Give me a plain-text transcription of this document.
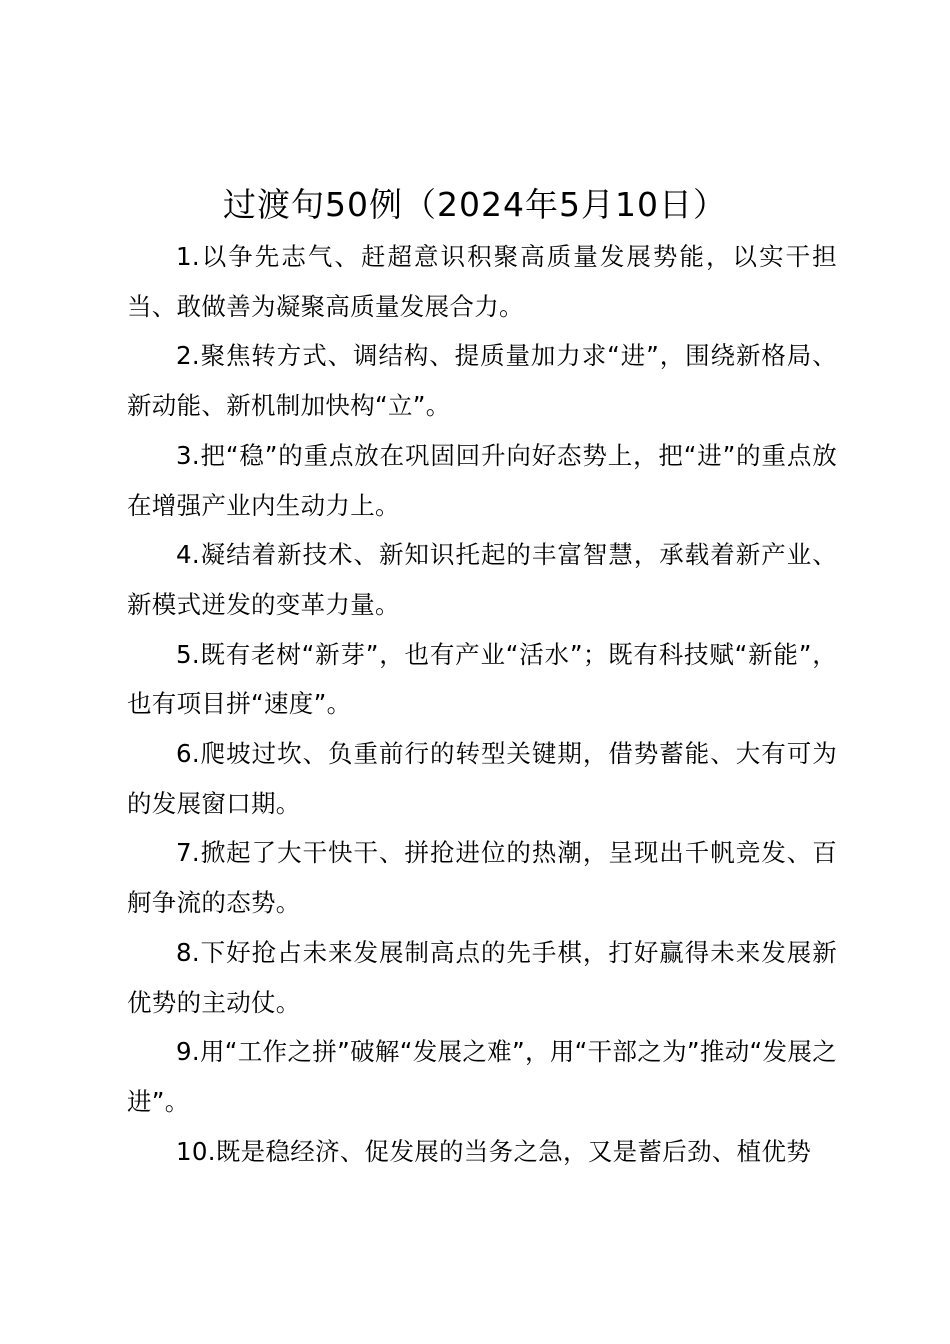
过渡句50例（2024年5月10日）

1.以争先志气、赶超意识积聚高质量发展势能，以实干担当、敢做善为凝聚高质量发展合力。

2.聚焦转方式、调结构、提质量加力求“进”，围绕新格局、新动能、新机制加快构“立”。

3.把“稳”的重点放在巩固回升向好态势上，把“进”的重点放在增强产业内生动力上。

4.凝结着新技术、新知识托起的丰富智慧，承载着新产业、新模式迸发的变革力量。

5.既有老树“新芽”，也有产业“活水”；既有科技赋“新能”，也有项目拼“速度”。

6.爬坡过坎、负重前行的转型关键期，借势蓄能、大有可为的发展窗口期。

7.掀起了大干快干、拼抢进位的热潮，呈现出千帆竞发、百舸争流的态势。

8.下好抢占未来发展制高点的先手棋，打好赢得未来发展新优势的主动仗。

9.用“工作之拼”破解“发展之难”，用“干部之为”推动“发展之进”。

10.既是稳经济、促发展的当务之急，又是蓄后劲、植优势
